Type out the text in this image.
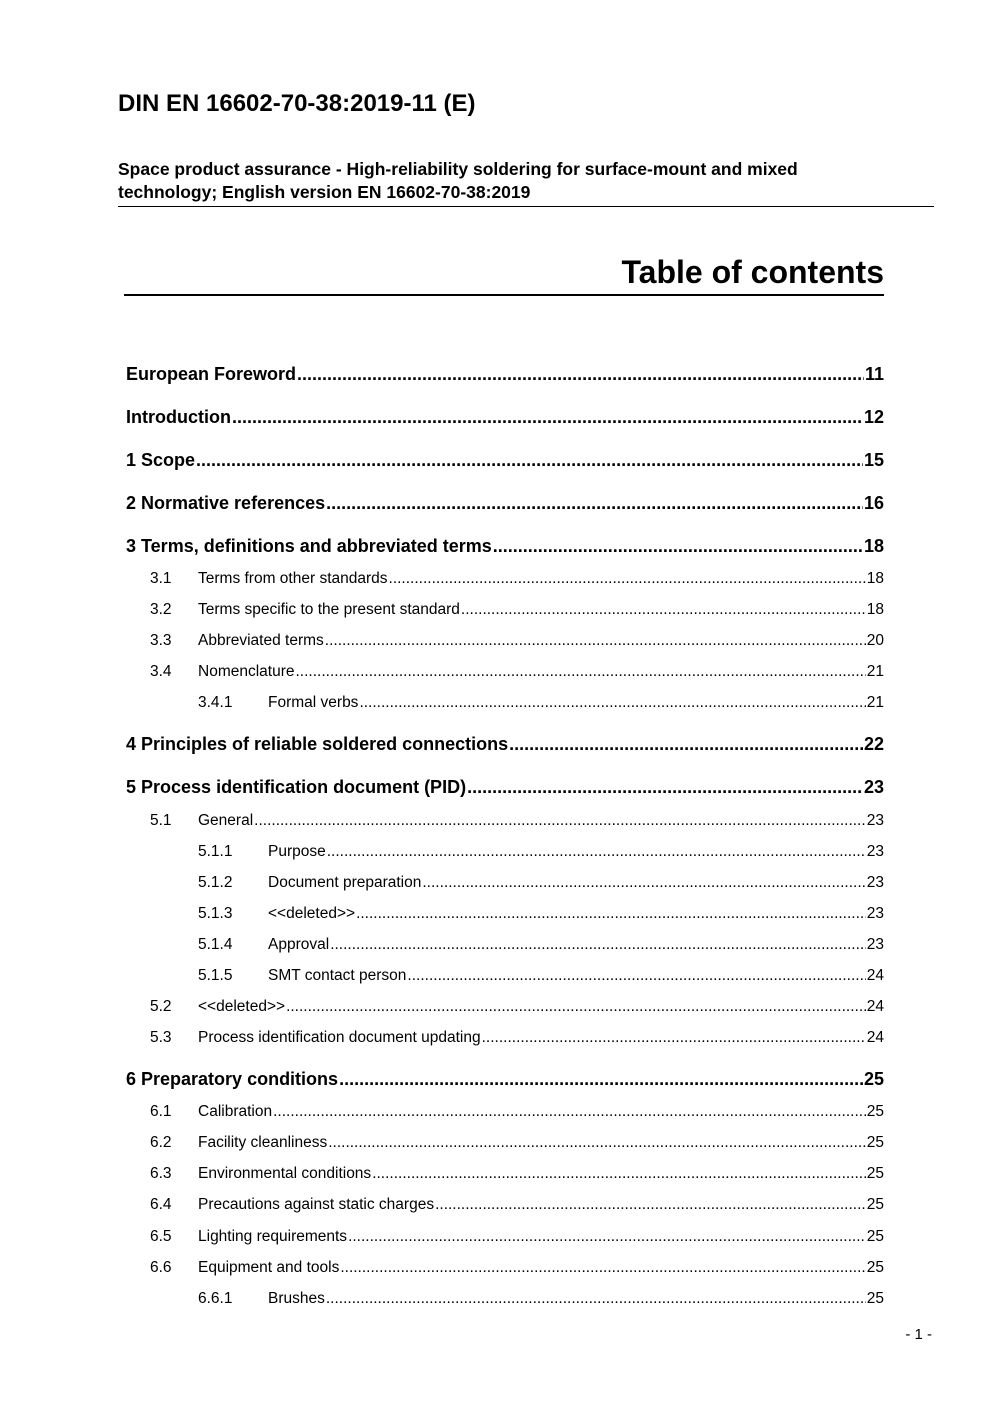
DIN EN 16602-70-38:2019-11 (E)
Space product assurance - High-reliability soldering for surface-mount and mixed
technology; English version EN 16602-70-38:2019
Table of contents
European Foreword .....	11
Introduction .....	12
1 Scope .....	15
2 Normative references .....	16
3 Terms, definitions and abbreviated terms .....	18
3.1	Terms from other standards .....	18
3.2	Terms specific to the present standard .....	18
3.3	Abbreviated terms .....	20
3.4	Nomenclature .....	21
3.4.1	Formal verbs .....	21
4 Principles of reliable soldered connections .....	22
5 Process identification document (PID) .....	23
5.1	General .....	23
5.1.1	Purpose .....	23
5.1.2	Document preparation .....	23
5.1.3	<<deleted>> .....	23
5.1.4	Approval .....	23
5.1.5	SMT contact person .....	24
5.2	<<deleted>> .....	24
5.3	Process identification document updating .....	24
6 Preparatory conditions .....	25
6.1	Calibration .....	25
6.2	Facility cleanliness .....	25
6.3	Environmental conditions .....	25
6.4	Precautions against static charges .....	25
6.5	Lighting requirements .....	25
6.6	Equipment and tools .....	25
6.6.1	Brushes .....	25
- 1 -
